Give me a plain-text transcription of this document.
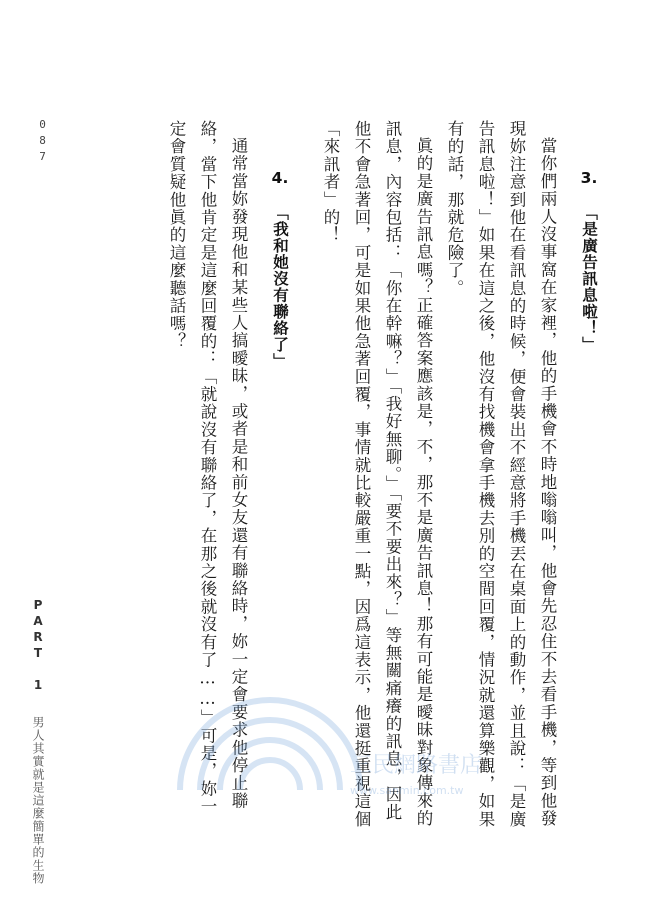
087
PART 1 男人其實就是這麼簡單的生物
3. 「是廣告訊息啦！」

當你們兩人沒事窩在家裡，他的手機會不時地嗡嗡叫，他會先忍住不去看手機，等到他發現妳注意到他在看訊息的時候，便會裝出不經意將手機丟在桌面上的動作，並且說：「是廣告訊息啦！」如果在這之後，他沒有找機會拿手機去別的空間回覆，情況就還算樂觀，如果有的話，那就危險了。

眞的是廣告訊息嗎？正確答案應該是，不，那不是廣告訊息！那有可能是曖昧對象傳來的訊息，內容包括：「你在幹嘛？」「我好無聊。」「要不要出來？」等無關痛癢的訊息，因此他不會急著回，可是如果他急著回覆，事情就比較嚴重一點，因爲這表示，他還挺重視這個「來訊者」的！

4. 「我和她沒有聯絡了」

通常當妳發現他和某些人搞曖昧，或者是和前女友還有聯絡時，妳一定會要求他停止聯絡，當下他肯定是這麼回覆的：「就說沒有聯絡了，在那之後就沒有了……」可是，妳一定會質疑他眞的這麼聽話嗎？

三民網路書店
www.sanmin.com.tw
